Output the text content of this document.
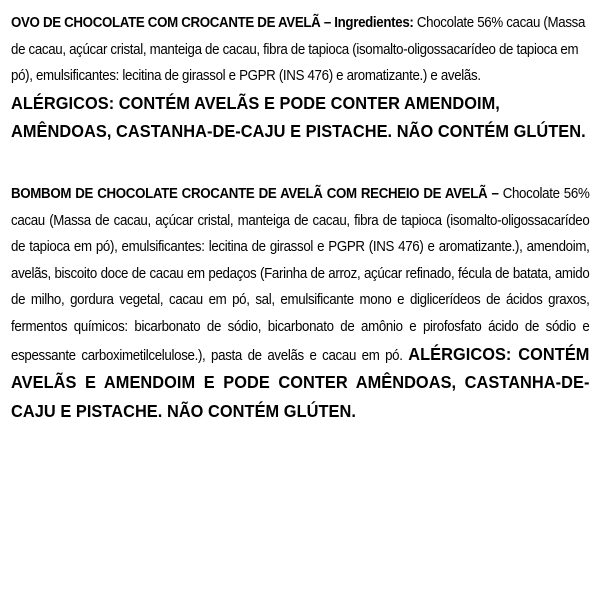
OVO DE CHOCOLATE COM CROCANTE DE AVELÃ – Ingredientes: Chocolate 56% cacau (Massa de cacau, açúcar cristal, manteiga de cacau, fibra de tapioca (isomalto-oligossacarídeo de tapioca em pó), emulsificantes: lecitina de girassol e PGPR (INS 476) e aromatizante.) e avelãs.ALÉRGICOS: CONTÉM AVELÃS E PODE CONTER AMENDOIM, AMÊNDOAS, CASTANHA-DE-CAJU E PISTACHE. NÃO CONTÉM GLÚTEN.

BOMBOM DE CHOCOLATE CROCANTE DE AVELÃ COM RECHEIO DE AVELÃ – Chocolate 56% cacau (Massa de cacau, açúcar cristal, manteiga de cacau, fibra de tapioca (isomalto-oligossacarídeo de tapioca em pó), emulsificantes: lecitina de girassol e PGPR (INS 476) e aromatizante.), amendoim, avelãs, biscoito doce de cacau em pedaços (Farinha de arroz, açúcar refinado, fécula de batata, amido de milho, gordura vegetal, cacau em pó, sal, emulsificante mono e diglicerídeos de ácidos graxos, fermentos químicos: bicarbonato de sódio, bicarbonato de amônio e pirofosfato ácido de sódio e espessante carboximetilcelulose.), pasta de avelãs e cacau em pó. ALÉRGICOS: CONTÉM AVELÃS E AMENDOIM E PODE CONTER AMÊNDOAS, CASTANHA-DE-CAJU E PISTACHE. NÃO CONTÉM GLÚTEN.
